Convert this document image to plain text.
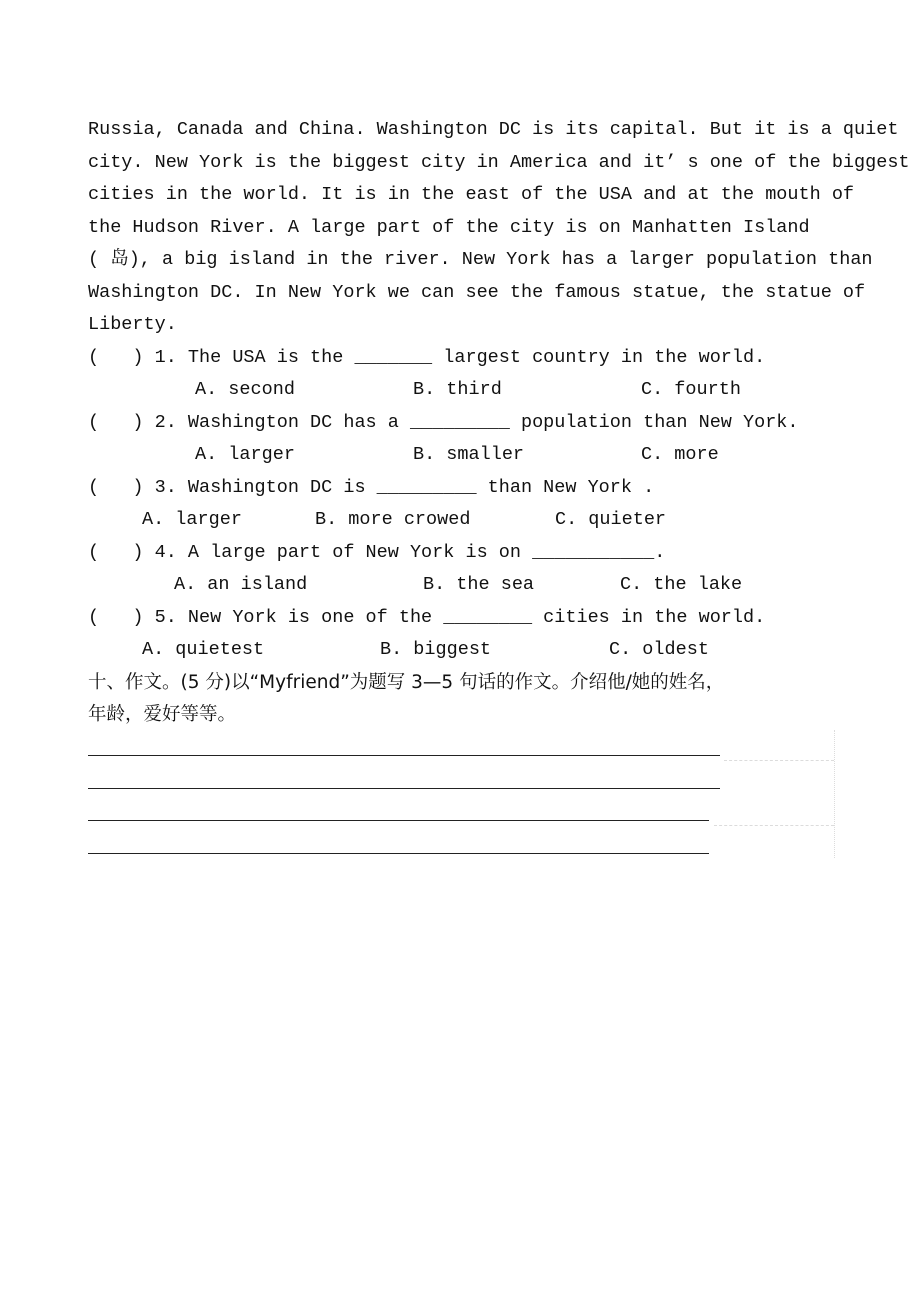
Russia, Canada and China. Washington DC is its capital. But it is a quiet
city. New York is the biggest city in America and it’ s one of the biggest
cities in the world. It is in the east of the USA and at the mouth of
the Hudson River. A large part of the city is on Manhatten Island
( 岛), a big island in the river. New York has a larger population than
Washington DC. In New York we can see the famous statue, the statue of
Liberty.
(   ) 1. The USA is the _______ largest country in the world.
A. second	B. third	C. fourth
(   ) 2. Washington DC has a _________ population than New York.
A. larger	B. smaller	C. more
(   ) 3. Washington DC is _________ than New York .
A. larger	B. more crowed	C. quieter
(   ) 4. A large part of New York is on ___________.
A. an island	B. the sea	C. the lake
(   ) 5. New York is one of the ________ cities in the world.
A. quietest	B. biggest	C. oldest
十、作文。(5 分)以“Myfriend”为题写 3—5 句话的作文。介绍他/她的姓名，
年龄，爱好等等。
